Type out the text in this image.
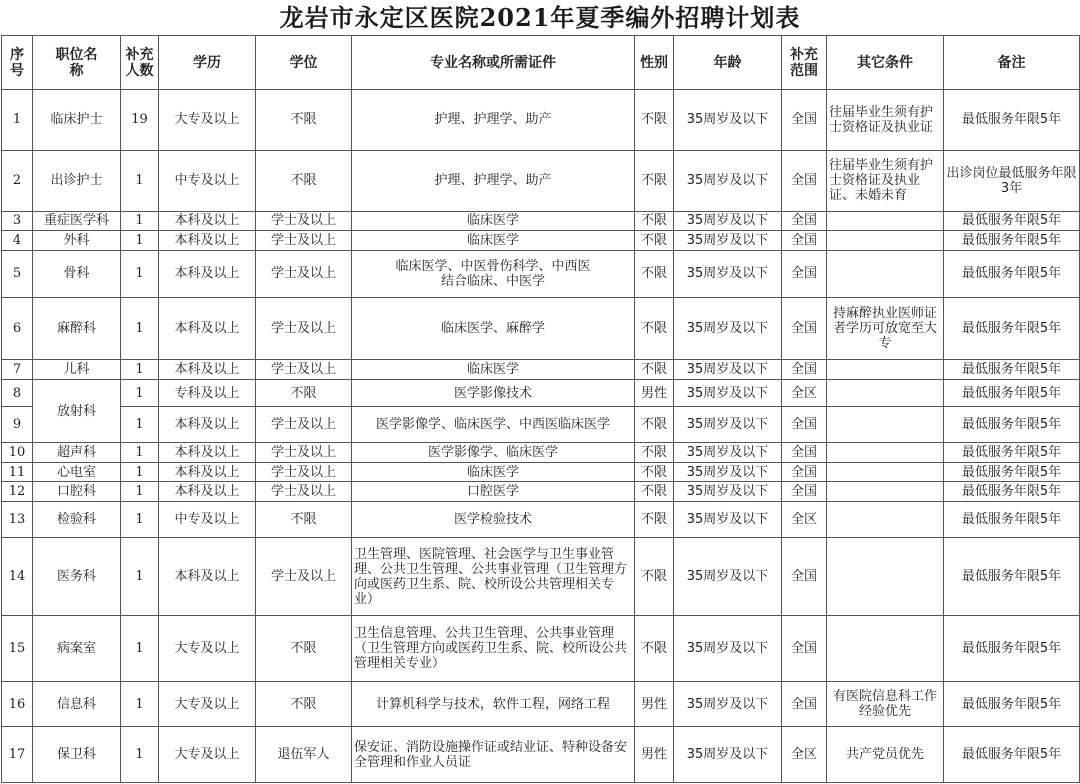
龙岩市永定区医院2021年夏季编外招聘计划表
序号	职位名称	补充人数	学历	学位	专业名称或所需证件	性别	年龄	补充范围	其它条件	备注
1	临床护士	19	大专及以上	不限	护理、护理学、助产	不限	35周岁及以下	全国	往届毕业生须有护士资格证及执业证	最低服务年限5年
2	出诊护士	1	中专及以上	不限	护理、护理学、助产	不限	35周岁及以下	全国	往届毕业生须有护士资格证及执业证、未婚未育	出诊岗位最低服务年限3年
3	重症医学科	1	本科及以上	学士及以上	临床医学	不限	35周岁及以下	全国		最低服务年限5年
4	外科	1	本科及以上	学士及以上	临床医学	不限	35周岁及以下	全国		最低服务年限5年
5	骨科	1	本科及以上	学士及以上	临床医学、中医骨伤科学、中西医结合临床、中医学	不限	35周岁及以下	全国		最低服务年限5年
6	麻醉科	1	本科及以上	学士及以上	临床医学、麻醉学	不限	35周岁及以下	全国	持麻醉执业医师证者学历可放宽至大专	最低服务年限5年
7	儿科	1	本科及以上	学士及以上	临床医学	不限	35周岁及以下	全国		最低服务年限5年
8	放射科	1	专科及以上	不限	医学影像技术	男性	35周岁及以下	全区		最低服务年限5年
9		1	本科及以上	学士及以上	医学影像学、临床医学、中西医临床医学	不限	35周岁及以下	全国		最低服务年限5年
10	超声科	1	本科及以上	学士及以上	医学影像学、临床医学	不限	35周岁及以下	全国		最低服务年限5年
11	心电室	1	本科及以上	学士及以上	临床医学	不限	35周岁及以下	全国		最低服务年限5年
12	口腔科	1	本科及以上	学士及以上	口腔医学	不限	35周岁及以下	全国		最低服务年限5年
13	检验科	1	中专及以上	不限	医学检验技术	不限	35周岁及以下	全区		最低服务年限5年
14	医务科	1	本科及以上	学士及以上	卫生管理、医院管理、社会医学与卫生事业管理、公共卫生管理、公共事业管理（卫生管理方向或医药卫生系、院、校所设公共管理相关专业）	不限	35周岁及以下	全国		最低服务年限5年
15	病案室	1	大专及以上	不限	卫生信息管理、公共卫生管理、公共事业管理（卫生管理方向或医药卫生系、院、校所设公共管理相关专业）	不限	35周岁及以下	全国		最低服务年限5年
16	信息科	1	大专及以上	不限	计算机科学与技术，软件工程，网络工程	男性	35周岁及以下	全国	有医院信息科工作经验优先	最低服务年限5年
17	保卫科	1	大专及以上	退伍军人	保安证、消防设施操作证或结业证、特种设备安全管理和作业人员证	男性	35周岁及以下	全区	共产党员优先	最低服务年限5年
